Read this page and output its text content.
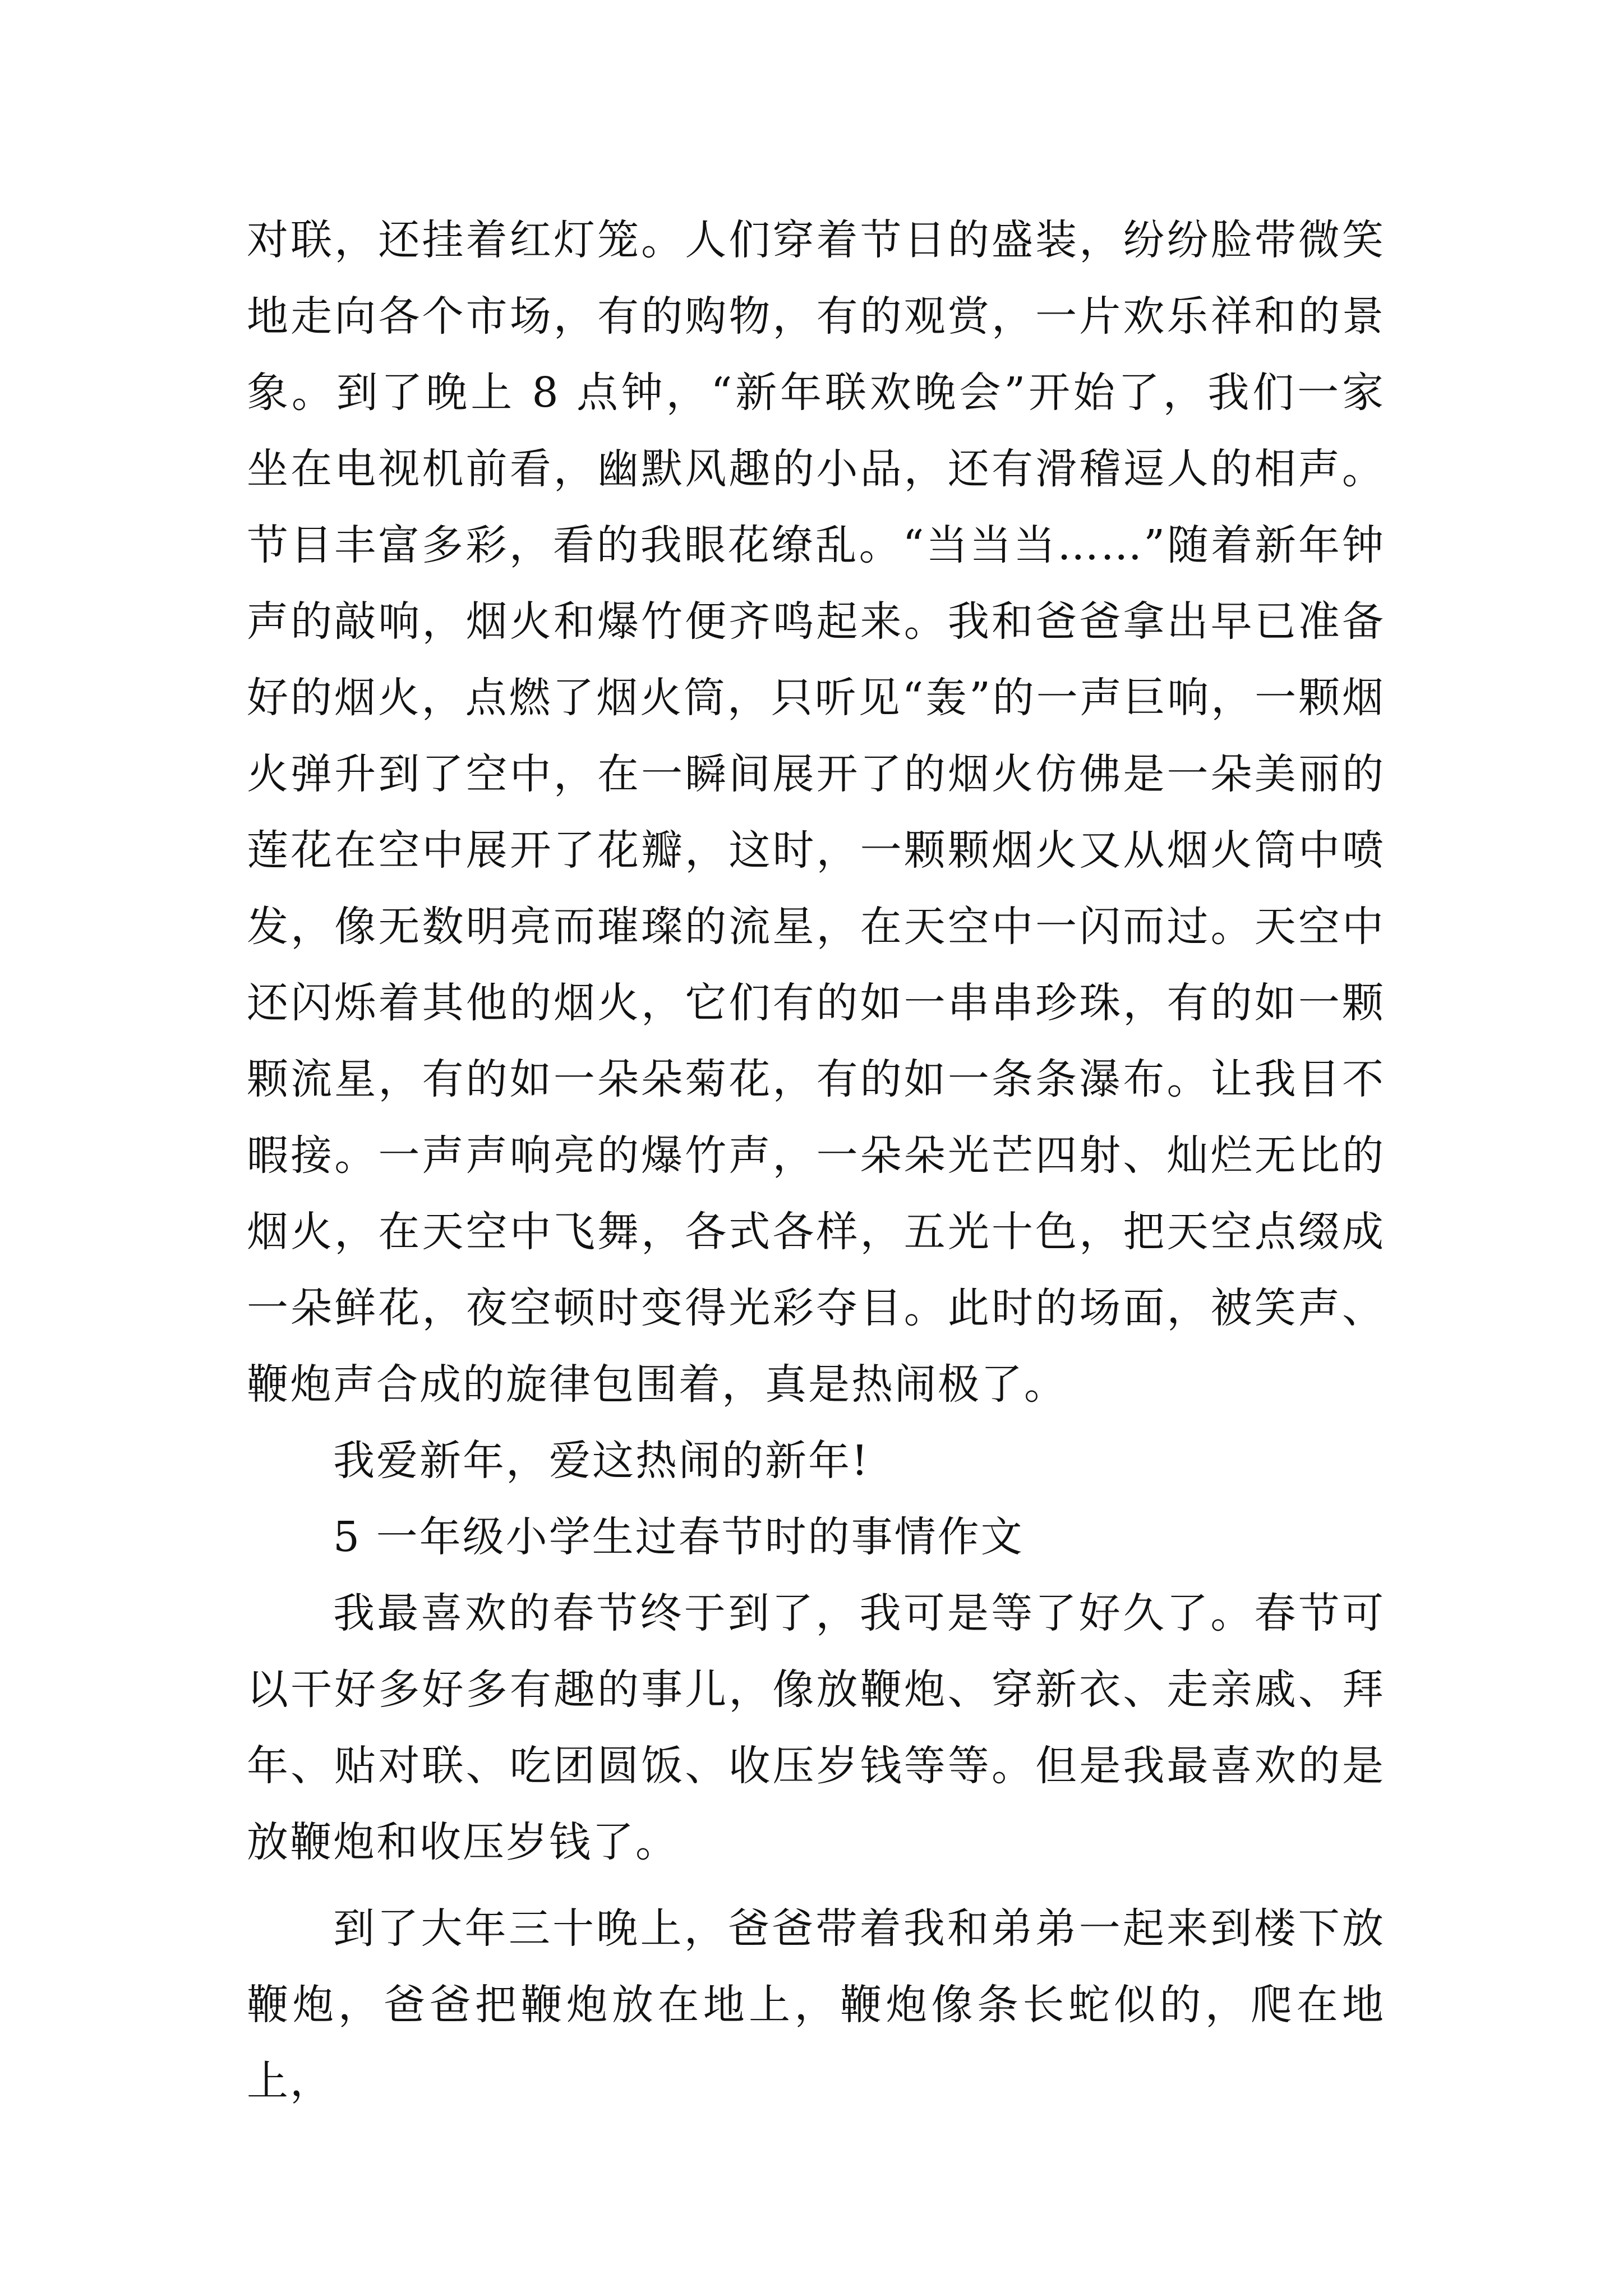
对联，还挂着红灯笼。人们穿着节日的盛装，纷纷脸带微笑地走向各个市场，有的购物，有的观赏，一片欢乐祥和的景象。到了晚上 8 点钟，“新年联欢晚会”开始了，我们一家坐在电视机前看，幽默风趣的小品，还有滑稽逗人的相声。节目丰富多彩，看的我眼花缭乱。“当当当……”随着新年钟声的敲响，烟火和爆竹便齐鸣起来。我和爸爸拿出早已准备好的烟火，点燃了烟火筒，只听见“轰”的一声巨响，一颗烟火弹升到了空中，在一瞬间展开了的烟火仿佛是一朵美丽的莲花在空中展开了花瓣，这时，一颗颗烟火又从烟火筒中喷发，像无数明亮而璀璨的流星，在天空中一闪而过。天空中还闪烁着其他的烟火，它们有的如一串串珍珠，有的如一颗颗流星，有的如一朵朵菊花，有的如一条条瀑布。让我目不暇接。一声声响亮的爆竹声，一朵朵光芒四射、灿烂无比的烟火，在天空中飞舞，各式各样，五光十色，把天空点缀成一朵鲜花，夜空顿时变得光彩夺目。此时的场面，被笑声、鞭炮声合成的旋律包围着，真是热闹极了。

我爱新年，爱这热闹的新年!

5 一年级小学生过春节时的事情作文

我最喜欢的春节终于到了，我可是等了好久了。春节可以干好多好多有趣的事儿，像放鞭炮、穿新衣、走亲戚、拜年、贴对联、吃团圆饭、收压岁钱等等。但是我最喜欢的是放鞭炮和收压岁钱了。

到了大年三十晚上，爸爸带着我和弟弟一起来到楼下放鞭炮，爸爸把鞭炮放在地上，鞭炮像条长蛇似的，爬在地上，
